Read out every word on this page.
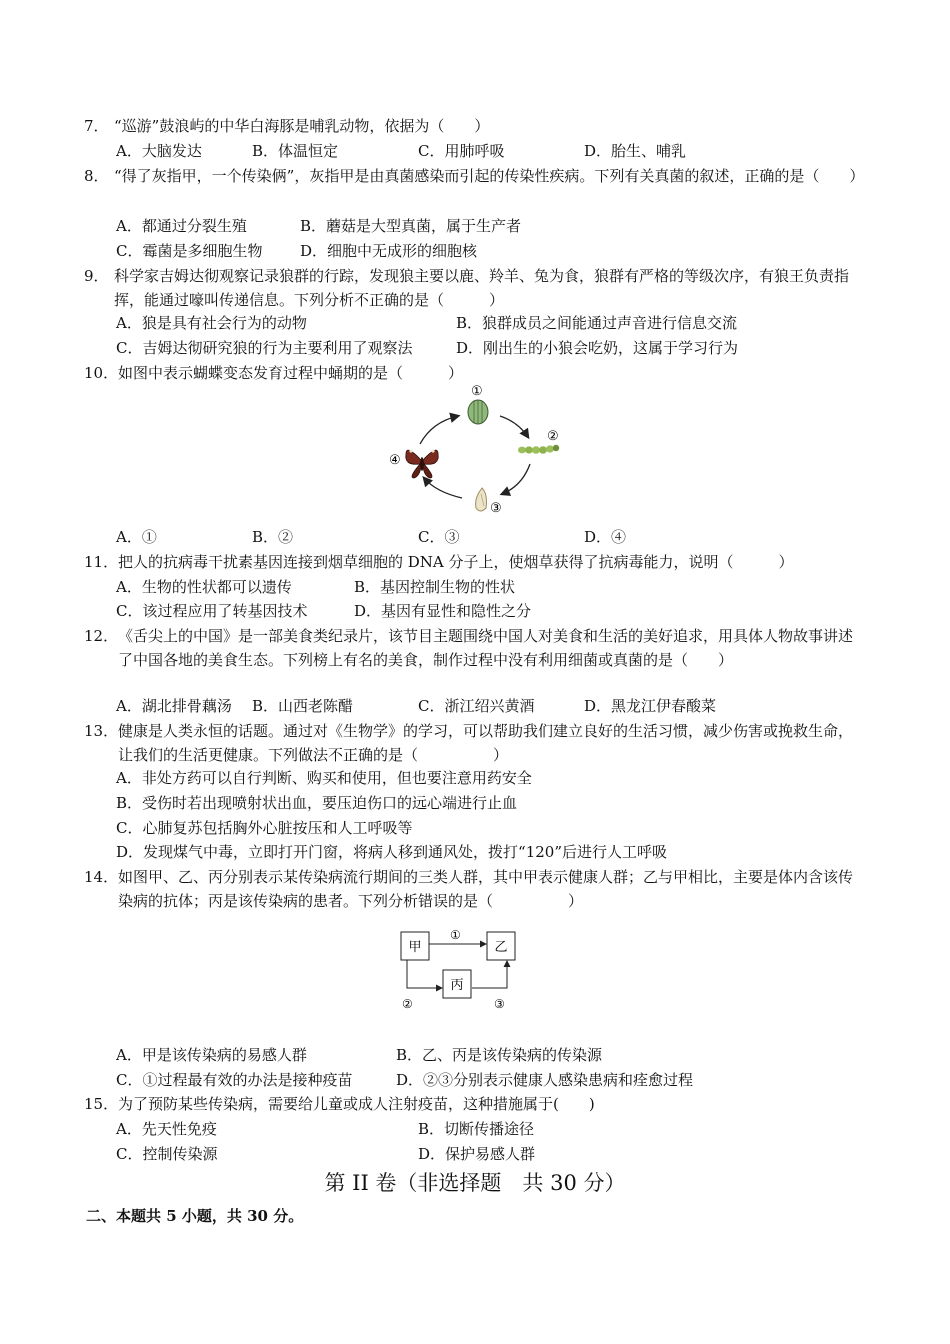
7． “巡游”鼓浪屿的中华白海豚是哺乳动物，依据为（　　）
A．大脑发达	B．体温恒定	C．用肺呼吸	D．胎生、哺乳
8． “得了灰指甲，一个传染俩”，灰指甲是由真菌感染而引起的传染性疾病。下列有关真菌的叙述，正确的是（　　）
A．都通过分裂生殖	B．蘑菇是大型真菌，属于生产者
C．霉菌是多细胞生物	D．细胞中无成形的细胞核
9． 科学家吉姆达彻观察记录狼群的行踪，发现狼主要以鹿、羚羊、兔为食，狼群有严格的等级次序，有狼王负责指挥，能通过嚎叫传递信息。下列分析不正确的是（　　　）
A．狼是具有社会行为的动物	B．狼群成员之间能通过声音进行信息交流
C．吉姆达彻研究狼的行为主要利用了观察法	D．刚出生的小狼会吃奶，这属于学习行为
10． 如图中表示蝴蝶变态发育过程中蛹期的是（　　　）
②
③
④
①
A．①	B．②	C．③	D．④
11． 把人的抗病毒干扰素基因连接到烟草细胞的 DNA 分子上，使烟草获得了抗病毒能力，说明（　　　）
A．生物的性状都可以遗传	B．基因控制生物的性状
C．该过程应用了转基因技术	D．基因有显性和隐性之分
12． 《舌尖上的中国》是一部美食类纪录片，该节目主题围绕中国人对美食和生活的美好追求，用具体人物故事讲述了中国各地的美食生态。下列榜上有名的美食，制作过程中没有利用细菌或真菌的是（　　）
A．湖北排骨藕汤 B．山西老陈醋	C．浙江绍兴黄酒	D．黑龙江伊春酸菜
13． 健康是人类永恒的话题。通过对《生物学》的学习，可以帮助我们建立良好的生活习惯，减少伤害或挽救生命，让我们的生活更健康。下列做法不正确的是（　　　　　）
A．非处方药可以自行判断、购买和使用，但也要注意用药安全
B．受伤时若出现喷射状出血，要压迫伤口的远心端进行止血
C．心肺复苏包括胸外心脏按压和人工呼吸等
D．发现煤气中毒，立即打开门窗，将病人移到通风处，拨打“120”后进行人工呼吸
14． 如图甲、乙、丙分别表示某传染病流行期间的三类人群，其中甲表示健康人群；乙与甲相比，主要是体内含该传染病的抗体；丙是该传染病的患者。下列分析错误的是（　　　　　）
甲	乙
丙
①
②	③
A．甲是该传染病的易感人群	B．乙、丙是该传染病的传染源
C．①过程最有效的办法是接种疫苗	D．②③分别表示健康人感染患病和痊愈过程
15． 为了预防某些传染病，需要给儿童或成人注射疫苗，这种措施属于(　　)
A．先天性免疫	B．切断传播途径
C．控制传染源	D．保护易感人群
第 II 卷（非选择题　共 30 分）
二、本题共 5 小题，共 30 分。
